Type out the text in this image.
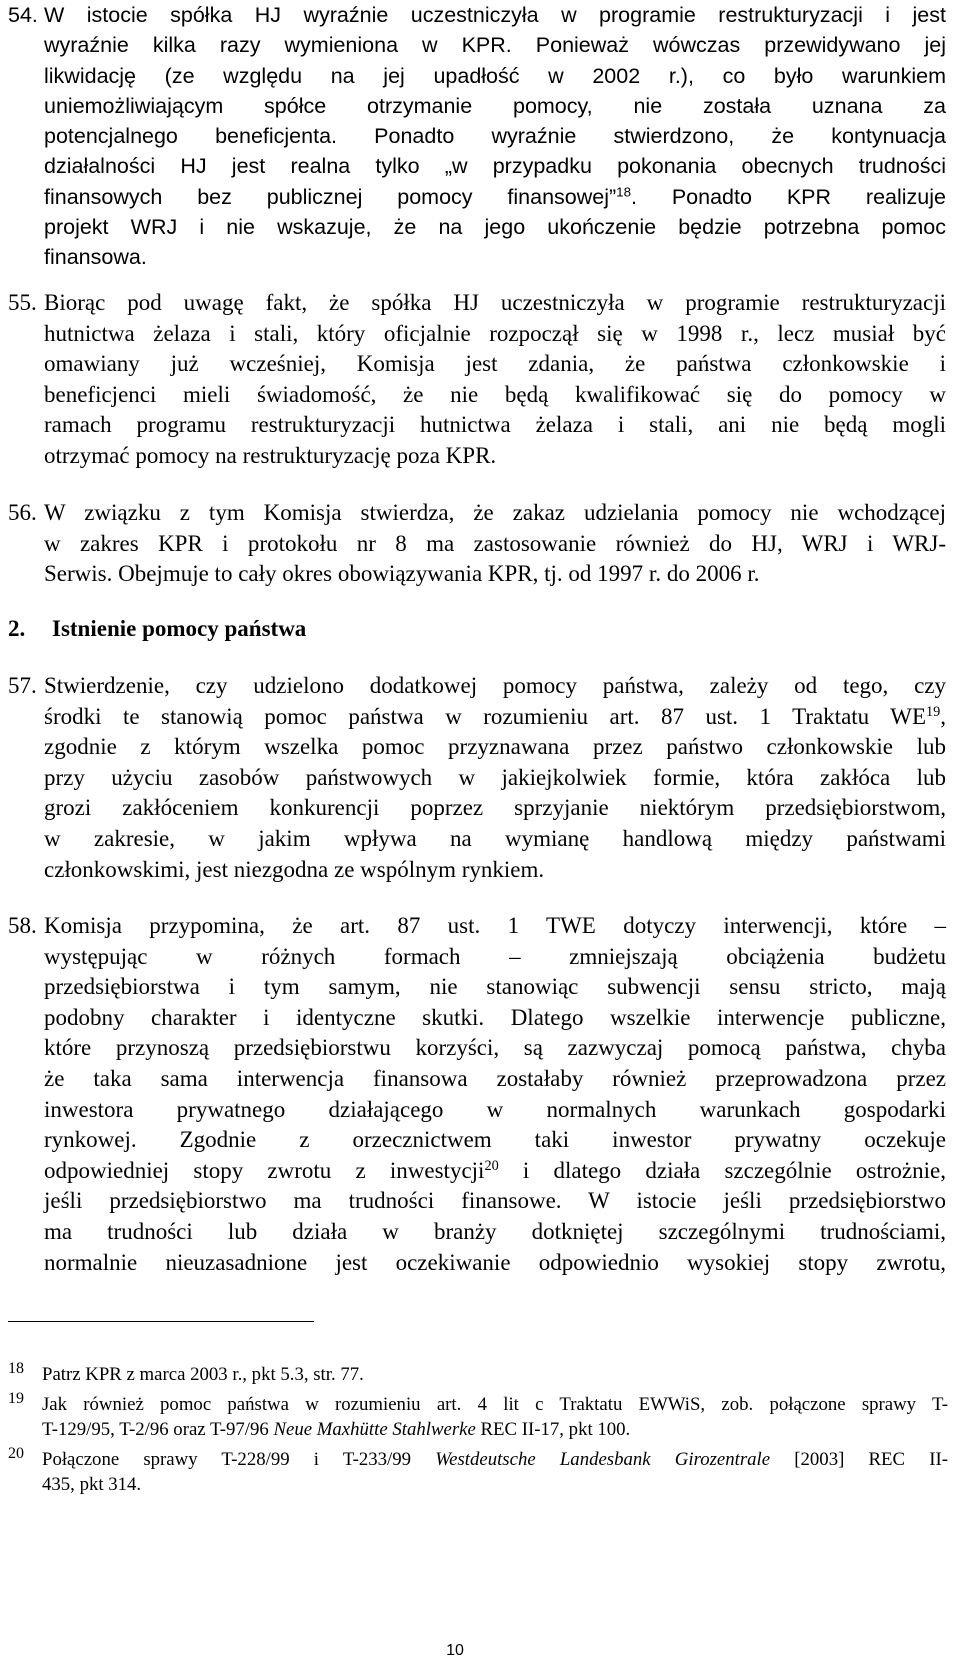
54. W istocie spółka HJ wyraźnie uczestniczyła w programie restrukturyzacji i jest
wyraźnie kilka razy wymieniona w KPR. Ponieważ wówczas przewidywano jej
likwidację (ze względu na jej upadłość w 2002 r.), co było warunkiem
uniemożliwiającym spółce otrzymanie pomocy, nie została uznana za
potencjalnego beneficjenta. Ponadto wyraźnie stwierdzono, że kontynuacja
działalności HJ jest realna tylko „w przypadku pokonania obecnych trudności
finansowych bez publicznej pomocy finansowej”$^{18}$. Ponadto KPR realizuje
projekt WRJ i nie wskazuje, że na jego ukończenie będzie potrzebna pomoc
finansowa.
55. Biorąc pod uwagę fakt, że spółka HJ uczestniczyła w programie restrukturyzacji
hutnictwa żelaza i stali, który oficjalnie rozpoczął się w 1998 r., lecz musiał być
omawiany już wcześniej, Komisja jest zdania, że państwa członkowskie i
beneficjenci mieli świadomość, że nie będą kwalifikować się do pomocy w
ramach programu restrukturyzacji hutnictwa żelaza i stali, ani nie będą mogli
otrzymać pomocy na restrukturyzację poza KPR.
56. W związku z tym Komisja stwierdza, że zakaz udzielania pomocy nie wchodzącej
w zakres KPR i protokołu nr 8 ma zastosowanie również do HJ, WRJ i WRJ-
Serwis. Obejmuje to cały okres obowiązywania KPR, tj. od 1997 r. do 2006 r.
2. Istnienie pomocy państwa
57. Stwierdzenie, czy udzielono dodatkowej pomocy państwa, zależy od tego, czy
środki te stanowią pomoc państwa w rozumieniu art. 87 ust. 1 Traktatu WE$^{19}$,
zgodnie z którym wszelka pomoc przyznawana przez państwo członkowskie lub
przy użyciu zasobów państwowych w jakiejkolwiek formie, która zakłóca lub
grozi zakłóceniem konkurencji poprzez sprzyjanie niektórym przedsiębiorstwom,
w zakresie, w jakim wpływa na wymianę handlową między państwami
członkowskimi, jest niezgodna ze wspólnym rynkiem.
58. Komisja przypomina, że art. 87 ust. 1 TWE dotyczy interwencji, które –
występując w różnych formach – zmniejszają obciążenia budżetu
przedsiębiorstwa i tym samym, nie stanowiąc subwencji sensu stricto, mają
podobny charakter i identyczne skutki. Dlatego wszelkie interwencje publiczne,
które przynoszą przedsiębiorstwu korzyści, są zazwyczaj pomocą państwa, chyba
że taka sama interwencja finansowa zostałaby również przeprowadzona przez
inwestora prywatnego działającego w normalnych warunkach gospodarki
rynkowej. Zgodnie z orzecznictwem taki inwestor prywatny oczekuje
odpowiedniej stopy zwrotu z inwestycji$^{20}$ i dlatego działa szczególnie ostrożnie,
jeśli przedsiębiorstwo ma trudności finansowe. W istocie jeśli przedsiębiorstwo
ma trudności lub działa w branży dotkniętej szczególnymi trudnościami,
normalnie nieuzasadnione jest oczekiwanie odpowiednio wysokiej stopy zwrotu,
18 Patrz KPR z marca 2003 r., pkt 5.3, str. 77.
19 Jak również pomoc państwa w rozumieniu art. 4 lit c Traktatu EWWiS, zob. połączone sprawy T-
T-129/95, T-2/96 oraz T-97/96 Neue Maxhütte Stahlwerke REC II-17, pkt 100.
20 Połączone sprawy T-228/99 i T-233/99 Westdeutsche Landesbank Girozentrale [2003] REC II-
435, pkt 314.
10
